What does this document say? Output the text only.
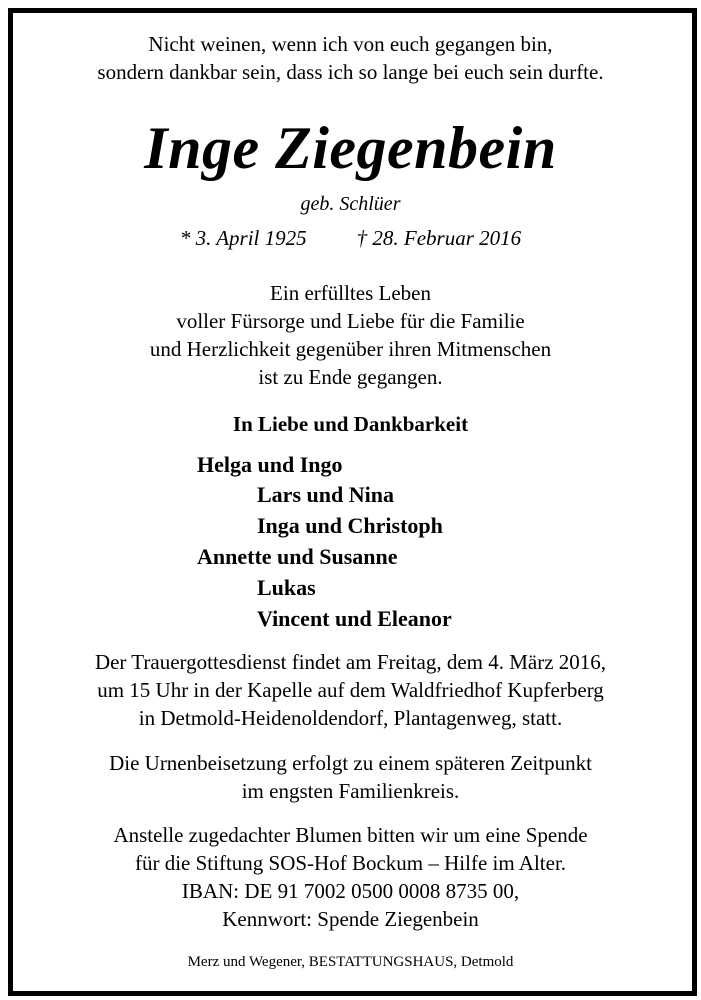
Nicht weinen, wenn ich von euch gegangen bin,
sondern dankbar sein, dass ich so lange bei euch sein durfte.
Inge Ziegenbein
geb. Schlüer
* 3. April 1925 † 28. Februar 2016
Ein erfülltes Leben
voller Fürsorge und Liebe für die Familie
und Herzlichkeit gegenüber ihren Mitmenschen
ist zu Ende gegangen.
In Liebe und Dankbarkeit
Helga und Ingo
Lars und Nina
Inga und Christoph
Annette und Susanne
Lukas
Vincent und Eleanor
Der Trauergottesdienst findet am Freitag, dem 4. März 2016,
um 15 Uhr in der Kapelle auf dem Waldfriedhof Kupferberg
in Detmold-Heidenoldendorf, Plantagenweg, statt.
Die Urnenbeisetzung erfolgt zu einem späteren Zeitpunkt
im engsten Familienkreis.
Anstelle zugedachter Blumen bitten wir um eine Spende
für die Stiftung SOS-Hof Bockum – Hilfe im Alter.
IBAN: DE 91 7002 0500 0008 8735 00,
Kennwort: Spende Ziegenbein
Merz und Wegener, BESTATTUNGSHAUS, Detmold
